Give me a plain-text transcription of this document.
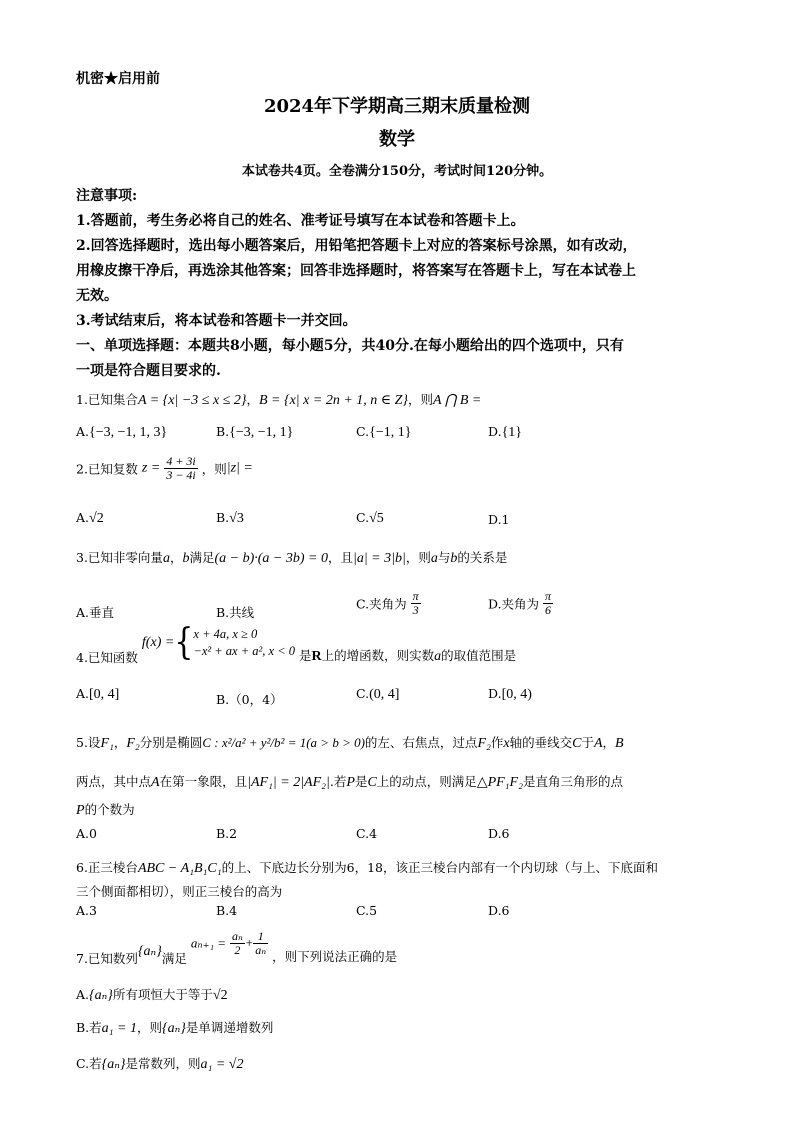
机密★启用前
2024年下学期高三期末质量检测
数学
本试卷共4页。全卷满分150分，考试时间120分钟。
注意事项:
1.答题前，考生务必将自己的姓名、准考证号填写在本试卷和答题卡上。
2.回答选择题时，选出每小题答案后，用铅笔把答题卡上对应的答案标号涂黑，如有改动，
用橡皮擦干净后，再选涂其他答案；回答非选择题时，将答案写在答题卡上，写在本试卷上
无效。
3.考试结束后，将本试卷和答题卡一并交回。
一、单项选择题：本题共8小题，每小题5分，共40分.在每小题给出的四个选项中，只有
一项是符合题目要求的.
1.已知集合A = {x| −3 ≤ x ≤ 2}，B = {x| x = 2n + 1, n ∈ Z}，则A ⋂ B =
A.{−3, −1, 1, 3}	B.{−3, −1, 1}	C.{−1, 1}	D.{1}
2.已知复数 $z = \frac{4 + 3i}{3 - 4i}$ ，则|z| =
A.√2	B.√3	C.√5	D.1
3.已知非零向量a，b满足(a − b)·(a − 3b) = 0，且|a| = 3|b|，则a与b的关系是
A.垂直	B.共线
C.夹角为 $\frac{\pi}{3}$	D.夹角为 $\frac{\pi}{6}$
4.已知函数 f(x) ={ x + 4a, x ≥ 0
−x² + ax + a², x < 0 是R上的增函数，则实数a的取值范围是
A.[0, 4]	B.（0，4）	C.(0, 4]	D.[0, 4)
5.设F₁，F₂分别是椭圆C : x²/a² + y²/b² = 1(a > b > 0)的左、右焦点，过点F₂作x轴的垂线交C于A，B
两点，其中点A在第一象限，且|AF₁| = 2|AF₂|.若P是C上的动点，则满足△PF₁F₂是直角三角形的点
P的个数为
A.0	B.2	C.4	D.6
6.正三棱台ABC − A₁B₁C₁的上、下底边长分别为6，18，该正三棱台内部有一个内切球（与上、下底面和
三个侧面都相切），则正三棱台的高为
A.3	B.4	C.5	D.6
7.已知数列{aₙ}满足 $a_{n+1} = \frac{\text{aₙ}}{2} + \frac{1}{\text{aₙ}}$ ，则下列说法正确的是
A.{aₙ}所有项恒大于等于√2
B.若a₁ = 1，则{aₙ}是单调递增数列
C.若{aₙ}是常数列，则a₁ = √2
